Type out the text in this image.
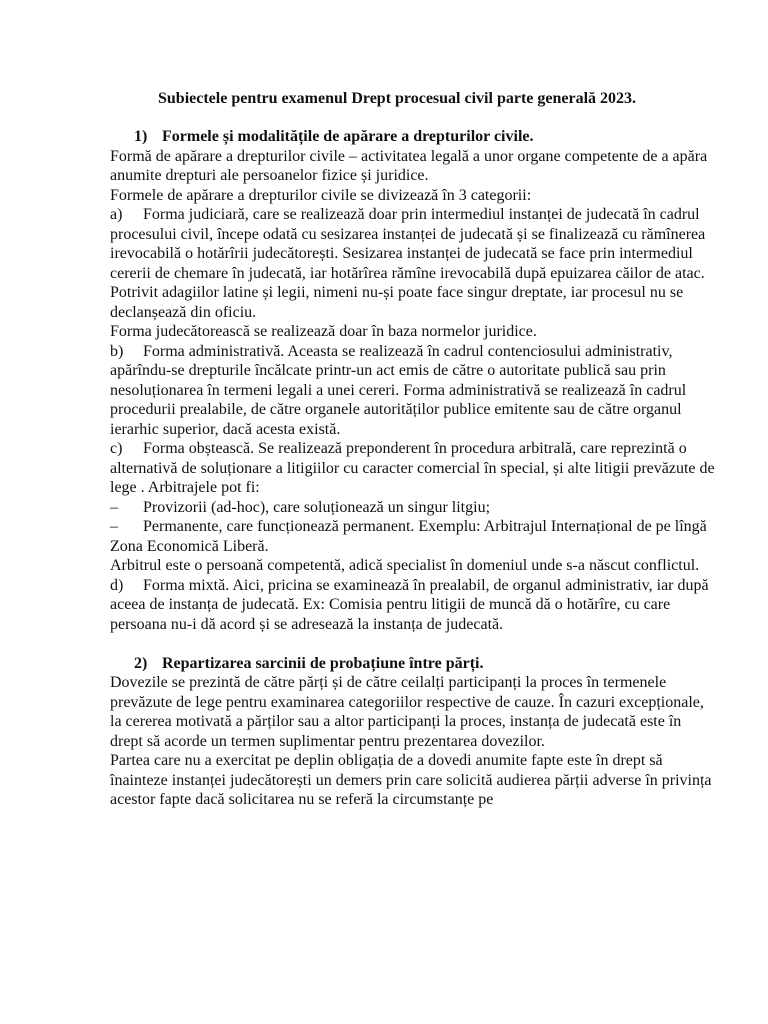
Subiectele pentru examenul Drept procesual civil parte generală 2023.
1) Formele și modalitățile de apărare a drepturilor civile.

Formă de apărare a drepturilor civile – activitatea legală a unor organe competente de a apăra anumite drepturi ale persoanelor fizice și juridice.

Formele de apărare a drepturilor civile se divizează în 3 categorii:

a) Forma judiciară, care se realizează doar prin intermediul instanței de judecată în cadrul procesului civil, începe odată cu sesizarea instanței de judecată și se finalizează cu rămînerea irevocabilă o hotărîrii judecătorești. Sesizarea instanței de judecată se face prin intermediul cererii de chemare în judecată, iar hotărîrea rămîne irevocabilă după epuizarea căilor de atac. Potrivit adagiilor latine și legii, nimeni nu-și poate face singur dreptate, iar procesul nu se declanșează din oficiu.

Forma judecătorească se realizează doar în baza normelor juridice.

b) Forma administrativă. Aceasta se realizează în cadrul contenciosului administrativ, apărîndu-se drepturile încălcate printr-un act emis de către o autoritate publică sau prin nesoluționarea în termeni legali a unei cereri. Forma administrativă se realizează în cadrul procedurii prealabile, de către organele autorităților publice emitente sau de către organul ierarhic superior, dacă acesta există.
c) Forma obștească. Se realizează preponderent în procedura arbitrală, care reprezintă o alternativă de soluționare a litigiilor cu caracter comercial în special, și alte litigii prevăzute de lege . Arbitrajele pot fi:
– Provizorii (ad-hoc), care soluționează un singur litgiu;
– Permanente, care funcționează permanent. Exemplu: Arbitrajul Internațional de pe lîngă Zona Economică Liberă.

Arbitrul este o persoană competentă, adică specialist în domeniul unde s-a născut conflictul.

d) Forma mixtă. Aici, pricina se examinează în prealabil, de organul administrativ, iar după aceea de instanța de judecată. Ex: Comisia pentru litigii de muncă dă o hotărîre, cu care persoana nu-i dă acord și se adresează la instanța de judecată.
2) Repartizarea sarcinii de probațiune între părți.

Dovezile se prezintă de către părți și de către ceilalți participanți la proces în termenele prevăzute de lege pentru examinarea categoriilor respective de cauze. În cazuri excepționale, la cererea motivată a părților sau a altor participanți la proces, instanța de judecată este în drept să acorde un termen suplimentar pentru prezentarea dovezilor.

Partea care nu a exercitat pe deplin obligația de a dovedi anumite fapte este în drept să înainteze instanței judecătorești un demers prin care solicită audierea părții adverse în privința acestor fapte dacă solicitarea nu se referă la circumstanțe pe
